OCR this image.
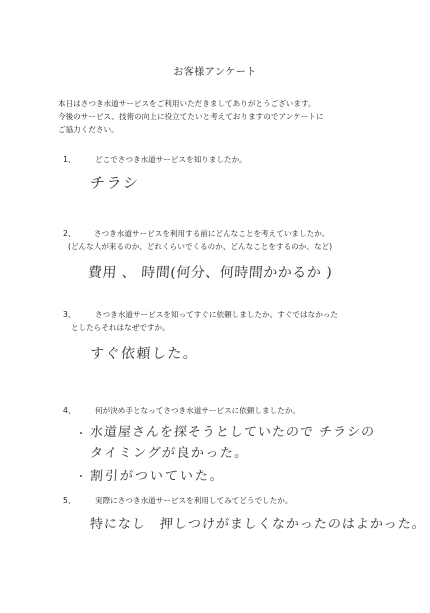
お客様アンケート
本日はさつき水道サービスをご利用いただきましてありがとうございます。
今後のサービス、技術の向上に役立てたいと考えておりますのでアンケートに
ご協力ください。
1、	どこでさつき水道サービスを知りましたか。
チラシ
2、 さつき水道サービスを利用する前にどんなことを考えていましたか。
(どんな人が来るのか、どれくらいでくるのか、どんなことをするのか、など)
費用 、 時間(何分、何時間かかるか )
3、	さつき水道サービスを知ってすぐに依頼しましたか。すぐではなかった
としたらそれはなぜですか。
すぐ依頼した。
4、	何が決め手となってさつき水道サービスに依頼しましたか。
・ 水道屋さんを探そうとしていたので チラシの
タイミングが良かった。
・ 割引がついていた。
5、	実際にさつき水道サービスを利用してみてどうでしたか。
特になし　押しつけがましくなかったのはよかった。
